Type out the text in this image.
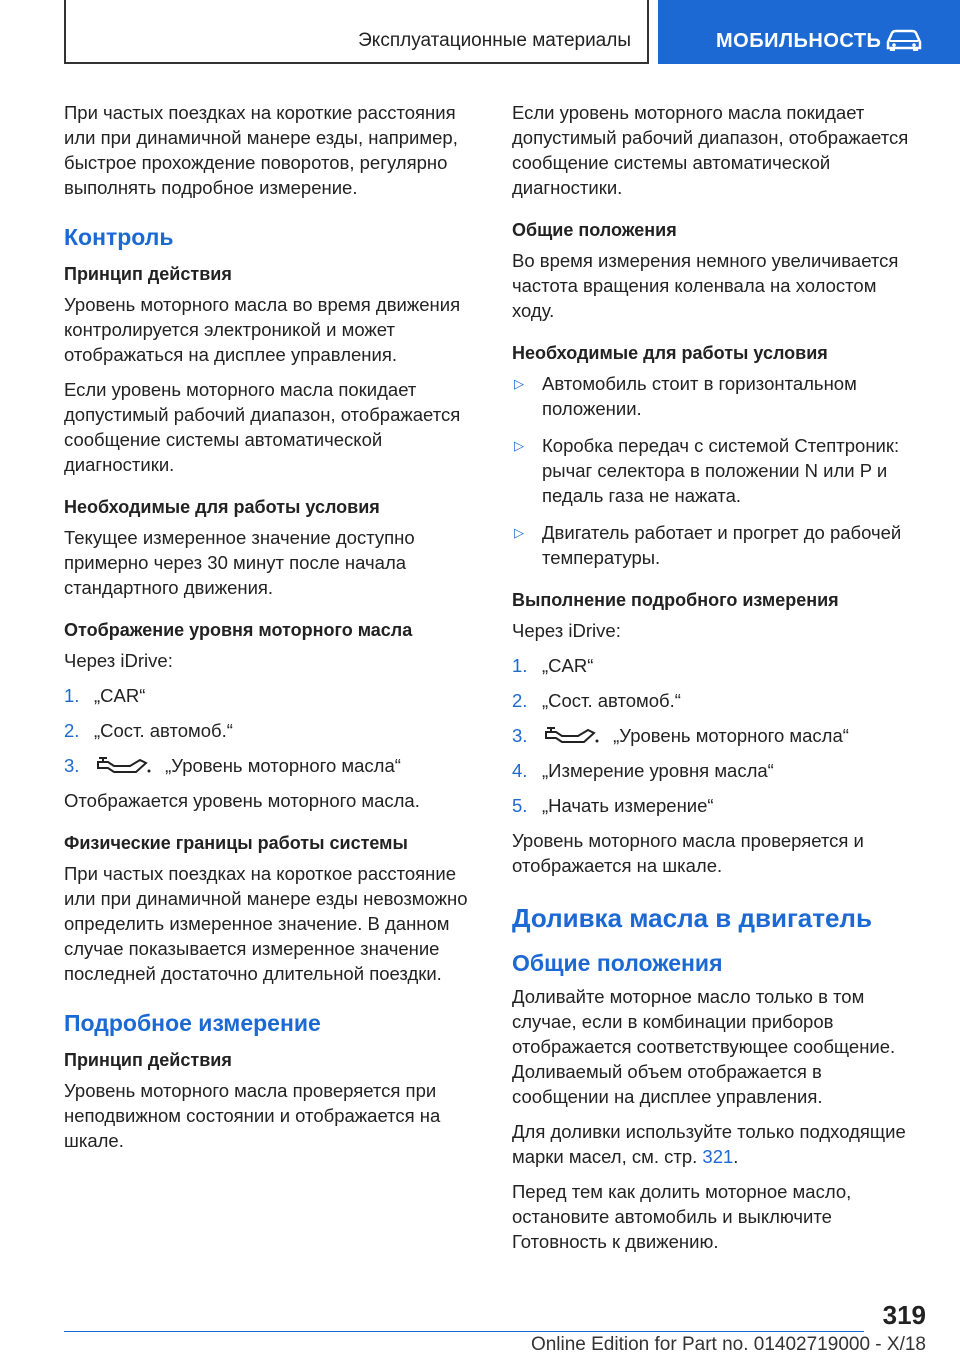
Эксплуатационные материалы	МОБИЛЬНОСТЬ

При частых поездках на короткие расстояния или при динамичной манере езды, например, быстрое прохождение поворотов, регулярно выполнять подробное измерение.

Контроль
Принцип действия

Уровень моторного масла во время движения контролируется электроникой и может отображаться на дисплее управления.

Если уровень моторного масла покидает допустимый рабочий диапазон, отображается сообщение системы автоматической диагностики.

Необходимые для работы условия

Текущее измеренное значение доступно примерно через 30 минут после начала стандартного движения.

Отображение уровня моторного масла

Через iDrive:

1. „CAR“
2. „Сост. автомоб.“
3.	„Уровень моторного масла“

Отображается уровень моторного масла.

Физические границы работы системы

При частых поездках на короткое расстояние или при динамичной манере езды невозможно определить измеренное значение. В данном случае показывается измеренное значение последней достаточно длительной поездки.

Подробное измерение
Принцип действия

Уровень моторного масла проверяется при неподвижном состоянии и отображается на шкале.

Если уровень моторного масла покидает допустимый рабочий диапазон, отображается сообщение системы автоматической диагностики.

Общие положения

Во время измерения немного увеличивается частота вращения коленвала на холостом ходу.

Необходимые для работы условия
▷ Автомобиль стоит в горизонтальном положении.
▷ Коробка передач с системой Стептроник: рычаг селектора в положении N или P и педаль газа не нажата.
▷ Двигатель работает и прогрет до рабочей температуры.
Выполнение подробного измерения

Через iDrive:

1. „CAR“
2. „Сост. автомоб.“
3.	„Уровень моторного масла“
4. „Измерение уровня масла“
5. „Начать измерение“

Уровень моторного масла проверяется и отображается на шкале.

Доливка масла в двигатель
Общие положения

Доливайте моторное масло только в том случае, если в комбинации приборов отображается соответствующее сообщение. Доливаемый объем отображается в сообщении на дисплее управления.

Для доливки используйте только подходящие марки масел, см. стр. 321.

Перед тем как долить моторное масло, остановите автомобиль и выключите Готовность к движению.

319
Online Edition for Part no. 01402719000 - X/18
